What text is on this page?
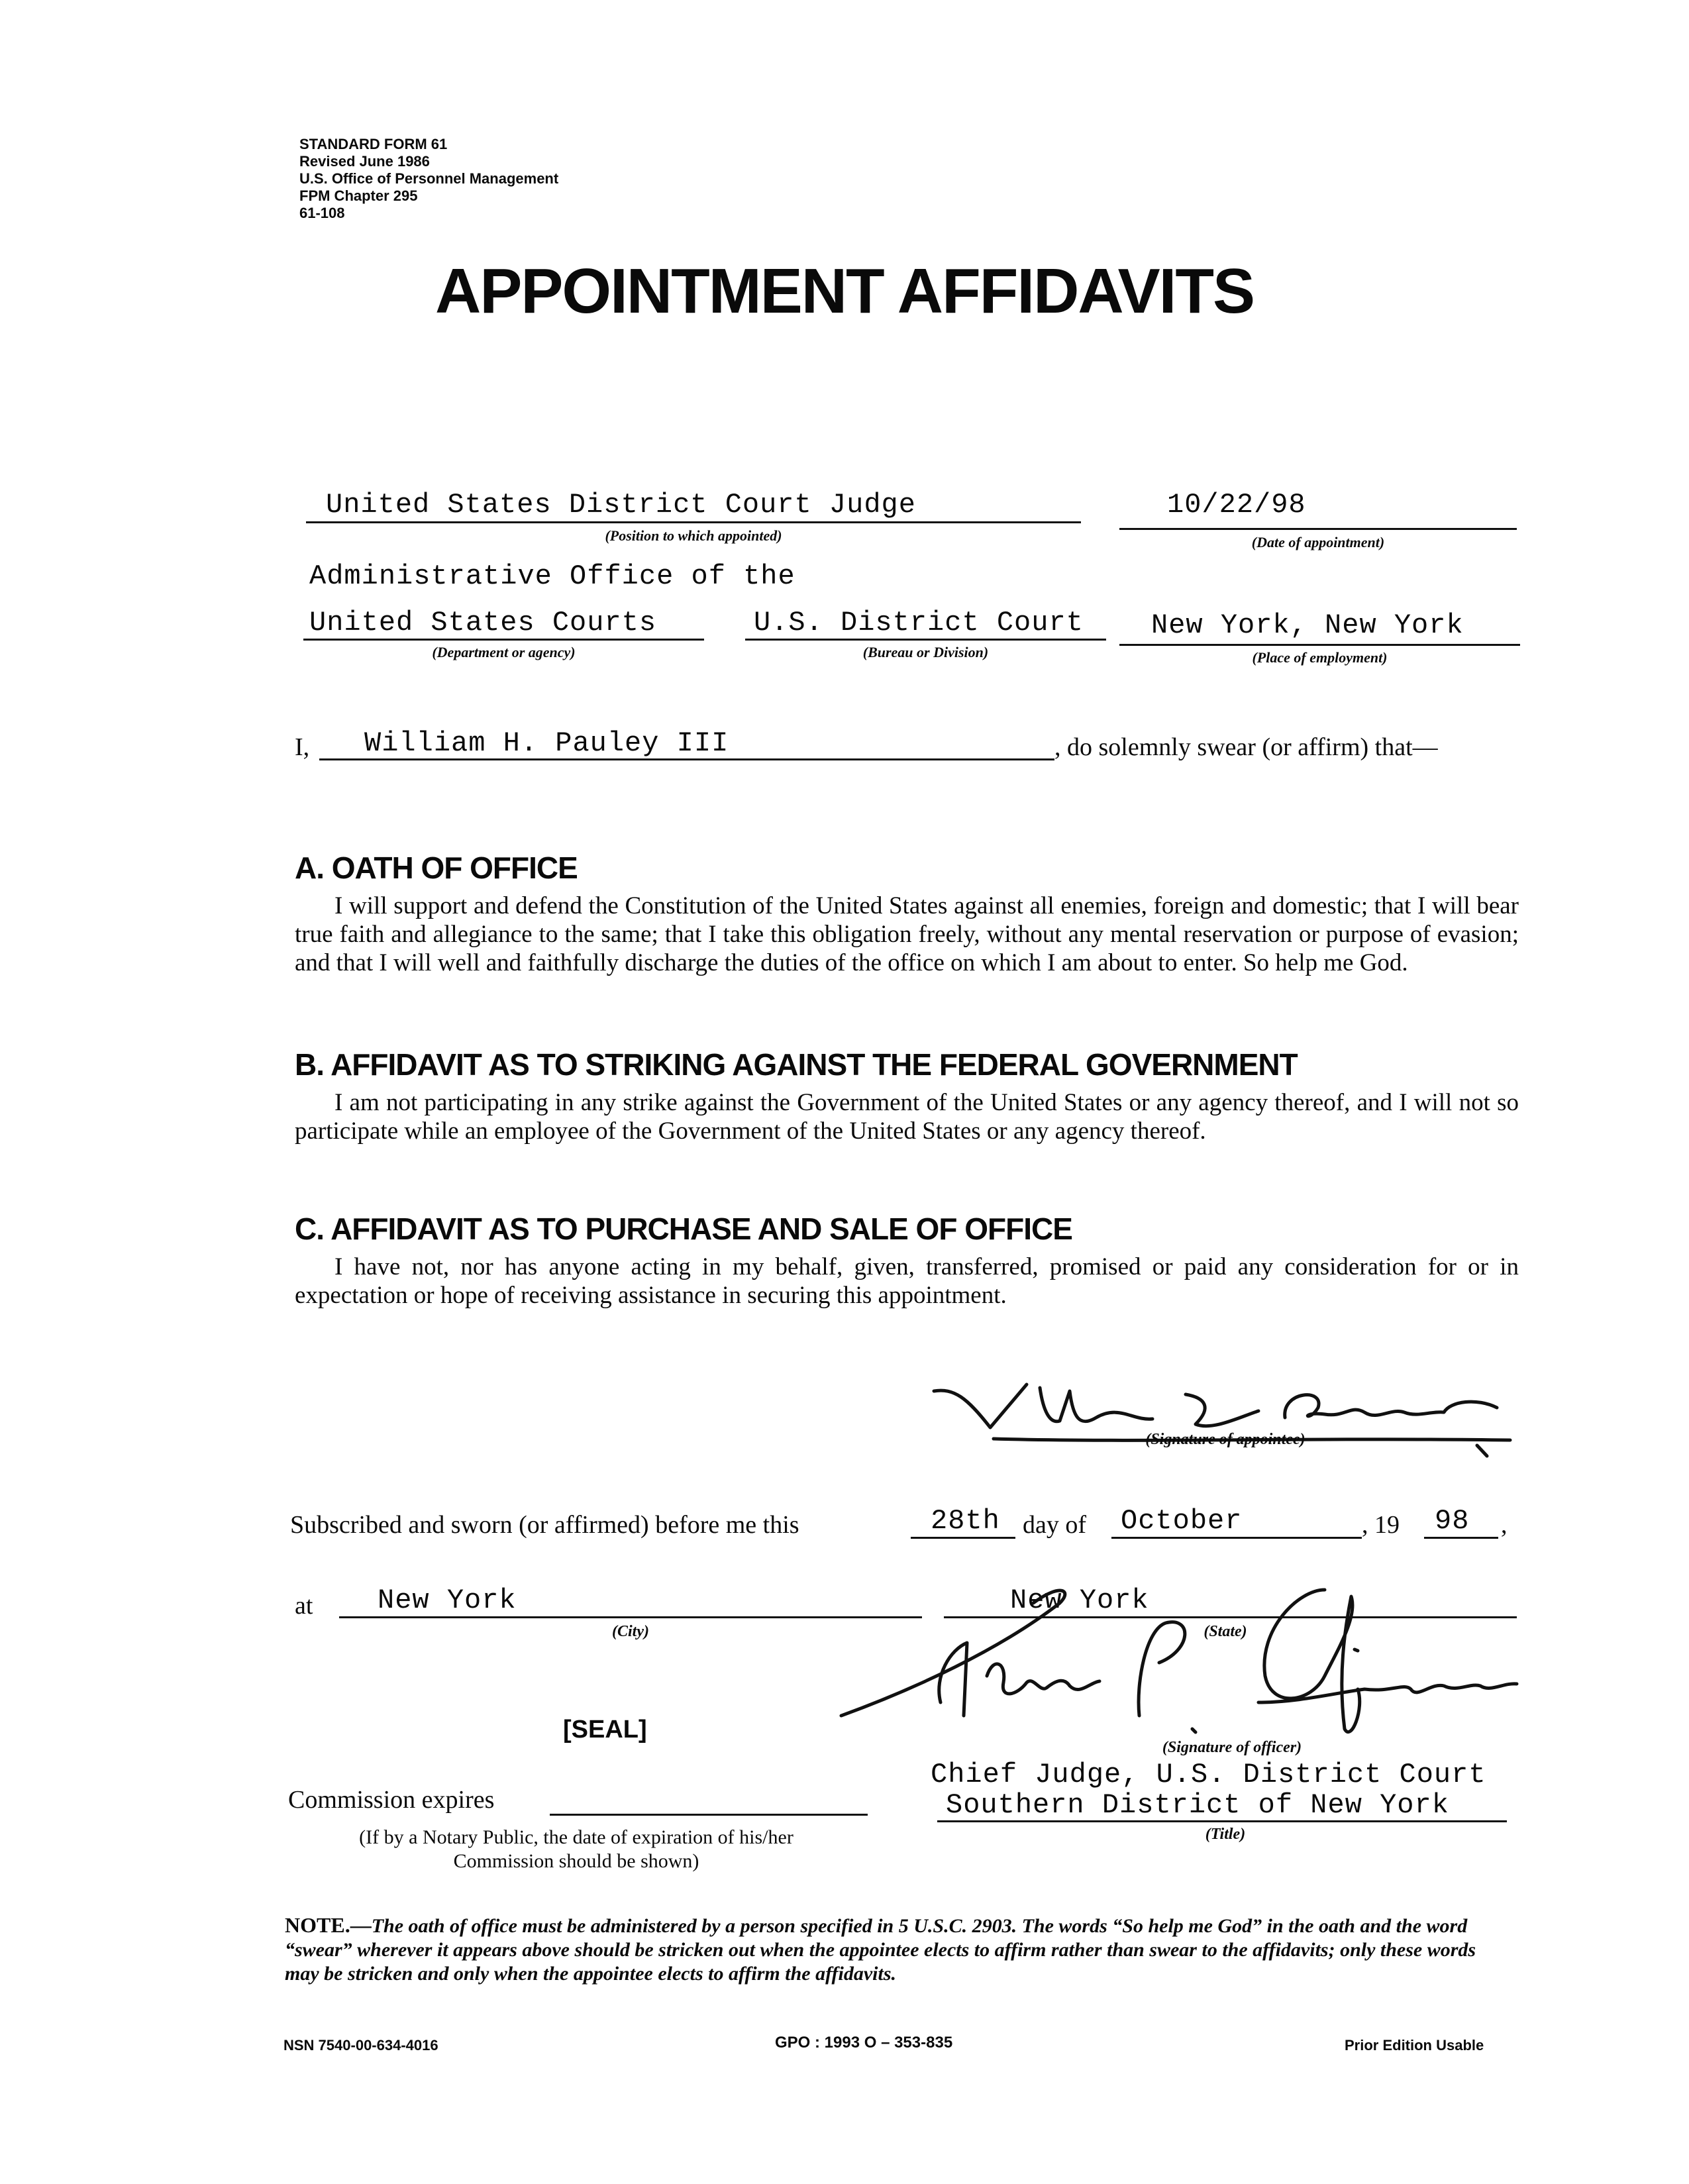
STANDARD FORM 61
Revised June 1986
U.S. Office of Personnel Management
FPM Chapter 295
61-108
APPOINTMENT AFFIDAVITS
United States District Court Judge
(Position to which appointed)
10/22/98
(Date of appointment)
Administrative Office of the
United States Courts
(Department or agency)
U.S. District Court
(Bureau or Division)
New York, New York
(Place of employment)
I, William H. Pauley III	, do solemnly swear (or affirm) that—
A. OATH OF OFFICE
I will support and defend the Constitution of the United States against all enemies, foreign and domestic; that I will bear true faith and allegiance to the same; that I take this obligation freely, without any mental reservation or purpose of evasion; and that I will well and faithfully discharge the duties of the office on which I am about to enter. So help me God.
B. AFFIDAVIT AS TO STRIKING AGAINST THE FEDERAL GOVERNMENT
I am not participating in any strike against the Government of the United States or any agency thereof, and I will not so participate while an employee of the Government of the United States or any agency thereof.
C. AFFIDAVIT AS TO PURCHASE AND SALE OF OFFICE
I have not, nor has anyone acting in my behalf, given, transferred, promised or paid any consideration for or in expectation or hope of receiving assistance in securing this appointment.
(Signature of appointee)
Subscribed and sworn (or affirmed) before me this	28th day of October	, 19 98 ,
at New York
(City)
New York
(State)
[SEAL]
(Signature of officer)
Chief Judge, U.S. District Court
Southern District of New York
(Title)
Commission expires
(If by a Notary Public, the date of expiration of his/her
Commission should be shown)
NOTE.—The oath of office must be administered by a person specified in 5 U.S.C. 2903. The words “So help me God” in the oath and the word “swear” wherever it appears above should be stricken out when the appointee elects to affirm rather than swear to the affidavits; only these words may be stricken and only when the appointee elects to affirm the affidavits.
NSN 7540-00-634-4016	GPO : 1993 O – 353-835	Prior Edition Usable
